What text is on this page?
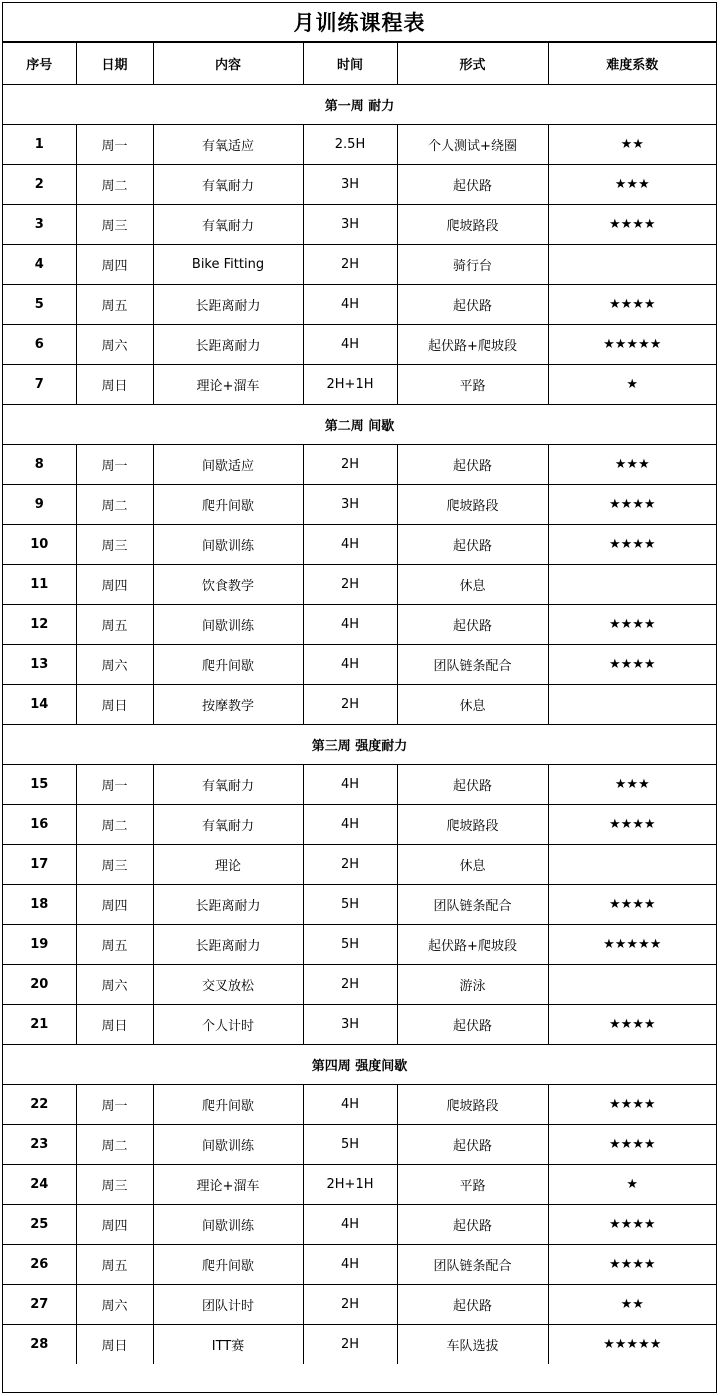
月训练课程表
序号	日期	内容	时间	形式	难度系数
第一周 耐力					
1	周一	有氧适应	2.5H	个人测试+绕圈	★★
2	周二	有氧耐力	3H	起伏路	★★★
3	周三	有氧耐力	3H	爬坡路段	★★★★
4	周四	Bike Fitting	2H	骑行台	
5	周五	长距离耐力	4H	起伏路	★★★★
6	周六	长距离耐力	4H	起伏路+爬坡段	★★★★★
7	周日	理论+溜车	2H+1H	平路	★
第二周 间歇					
8	周一	间歇适应	2H	起伏路	★★★
9	周二	爬升间歇	3H	爬坡路段	★★★★
10	周三	间歇训练	4H	起伏路	★★★★
11	周四	饮食教学	2H	休息	
12	周五	间歇训练	4H	起伏路	★★★★
13	周六	爬升间歇	4H	团队链条配合	★★★★
14	周日	按摩教学	2H	休息	
第三周 强度耐力					
15	周一	有氧耐力	4H	起伏路	★★★
16	周二	有氧耐力	4H	爬坡路段	★★★★
17	周三	理论	2H	休息	
18	周四	长距离耐力	5H	团队链条配合	★★★★
19	周五	长距离耐力	5H	起伏路+爬坡段	★★★★★
20	周六	交叉放松	2H	游泳	
21	周日	个人计时	3H	起伏路	★★★★
第四周 强度间歇					
22	周一	爬升间歇	4H	爬坡路段	★★★★
23	周二	间歇训练	5H	起伏路	★★★★
24	周三	理论+溜车	2H+1H	平路	★
25	周四	间歇训练	4H	起伏路	★★★★
26	周五	爬升间歇	4H	团队链条配合	★★★★
27	周六	团队计时	2H	起伏路	★★
28	周日	ITT赛	2H	车队选拔	★★★★★
